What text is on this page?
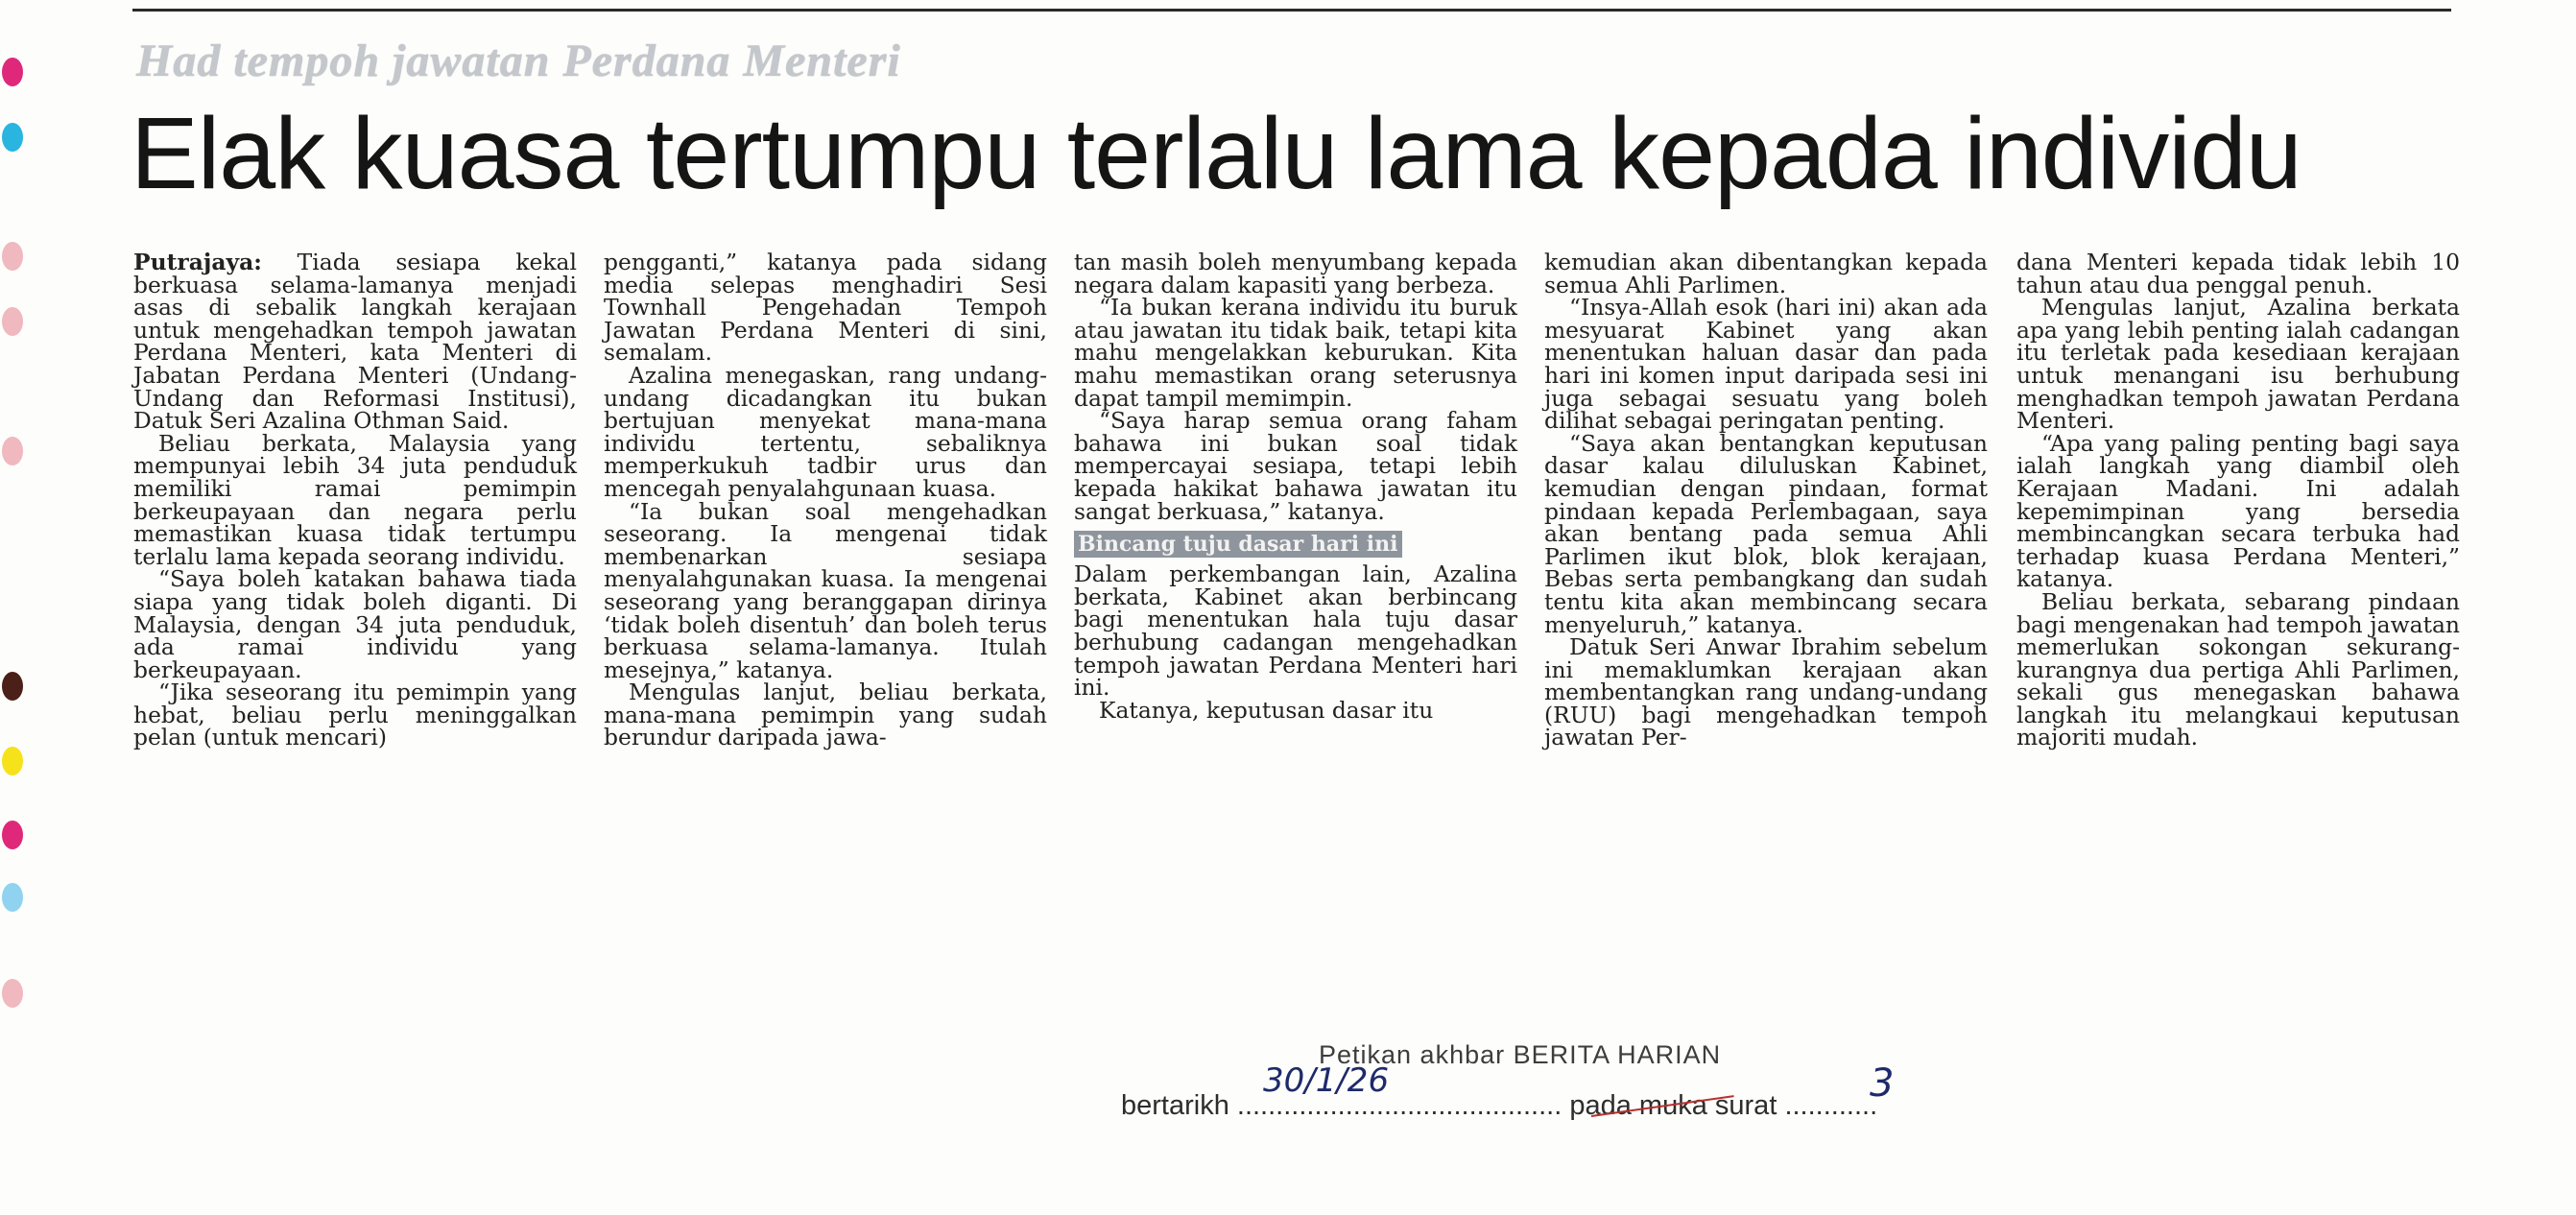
Had tempoh jawatan Perdana Menteri
Elak kuasa tertumpu terlalu lama kepada individu

Putrajaya: Tiada sesiapa kekal berkuasa selama-lamanya menjadi asas di sebalik langkah kerajaan untuk mengehadkan tempoh jawatan Perdana Menteri, kata Menteri di Jabatan Perdana Menteri (Undang-Undang dan Reformasi Institusi), Datuk Seri Azalina Othman Said.

Beliau berkata, Malaysia yang mempunyai lebih 34 juta penduduk memiliki ramai pemimpin berkeupayaan dan negara perlu memastikan kuasa tidak tertumpu terlalu lama kepada seorang individu.

“Saya boleh katakan bahawa tiada siapa yang tidak boleh diganti. Di Malaysia, dengan 34 juta penduduk, ada ramai individu yang berkeupayaan.

“Jika seseorang itu pemimpin yang hebat, beliau perlu meninggalkan pelan (untuk mencari)

pengganti,” katanya pada sidang media selepas menghadiri Sesi Townhall Pengehadan Tempoh Jawatan Perdana Menteri di sini, semalam.

Azalina menegaskan, rang undang-undang dicadangkan itu bukan bertujuan menyekat mana-mana individu tertentu, sebaliknya memperkukuh tadbir urus dan mencegah penyalahgunaan kuasa.

“Ia bukan soal mengehadkan seseorang. Ia mengenai tidak membenarkan sesiapa menyalahgunakan kuasa. Ia mengenai seseorang yang beranggapan dirinya ‘tidak boleh disentuh’ dan boleh terus berkuasa selama-lamanya. Itulah mesejnya,” katanya.

Mengulas lanjut, beliau berkata, mana-mana pemimpin yang sudah berundur daripada jawa-

tan masih boleh menyumbang kepada negara dalam kapasiti yang berbeza.

“Ia bukan kerana individu itu buruk atau jawatan itu tidak baik, tetapi kita mahu mengelakkan keburukan. Kita mahu memastikan orang seterusnya dapat tampil memimpin.

“Saya harap semua orang faham bahawa ini bukan soal tidak mempercayai sesiapa, tetapi lebih kepada hakikat bahawa jawatan itu sangat berkuasa,” katanya.

Bincang tuju dasar hari ini

Dalam perkembangan lain, Azalina berkata, Kabinet akan berbincang bagi menentukan hala tuju dasar berhubung cadangan mengehadkan tempoh jawatan Perdana Menteri hari ini.

Katanya, keputusan dasar itu

kemudian akan dibentangkan kepada semua Ahli Parlimen.

“Insya-Allah esok (hari ini) akan ada mesyuarat Kabinet yang akan menentukan haluan dasar dan pada hari ini komen input daripada sesi ini juga sebagai sesuatu yang boleh dilihat sebagai peringatan penting.

“Saya akan bentangkan keputusan dasar kalau diluluskan Kabinet, kemudian dengan pindaan, format pindaan kepada Perlembagaan, saya akan bentang pada semua Ahli Parlimen ikut blok, blok kerajaan, Bebas serta pembangkang dan sudah tentu kita akan membincang secara menyeluruh,” katanya.

Datuk Seri Anwar Ibrahim sebelum ini memaklumkan kerajaan akan membentangkan rang undang-undang (RUU) bagi mengehadkan tempoh jawatan Per-

dana Menteri kepada tidak lebih 10 tahun atau dua penggal penuh.

Mengulas lanjut, Azalina berkata apa yang lebih penting ialah cadangan itu terletak pada kesediaan kerajaan untuk menangani isu berhubung menghadkan tempoh jawatan Perdana Menteri.

“Apa yang paling penting bagi saya ialah langkah yang diambil oleh Kerajaan Madani. Ini adalah kepemimpinan yang bersedia membincangkan secara terbuka had terhadap kuasa Perdana Menteri,” katanya.

Beliau berkata, sebarang pindaan bagi mengenakan had tempoh jawatan memerlukan sokongan sekurang-kurangnya dua pertiga Ahli Parlimen, sekali gus menegaskan bahawa langkah itu melangkaui keputusan majoriti mudah.

Petikan akhbar BERITA HARIAN
30/1/26	3
bertarikh .......................................... pada muka surat ............
